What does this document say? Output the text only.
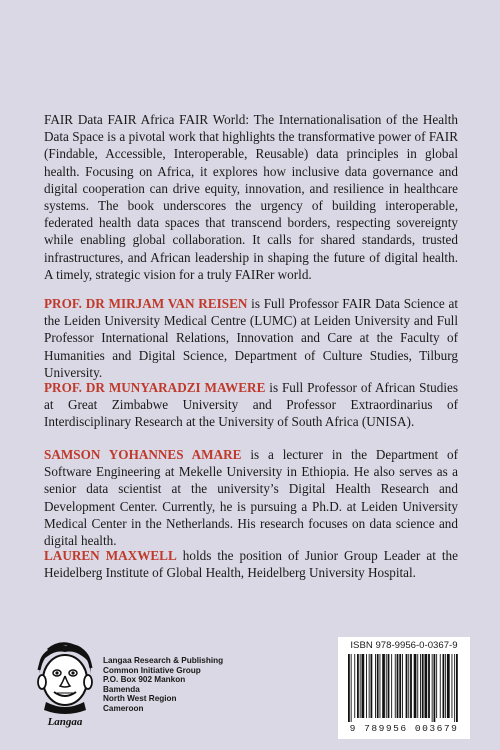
FAIR Data FAIR Africa FAIR World: The Internationalisation of the Health Data Space is a pivotal work that highlights the transformative power of FAIR (Findable, Accessible, Interoperable, Reusable) data principles in global health. Focusing on Africa, it explores how inclusive data governance and digital cooperation can drive equity, innovation, and resilience in healthcare systems. The book underscores the urgency of building interoperable, federated health data spaces that transcend borders, respecting sovereignty while enabling global collaboration. It calls for shared standards, trusted infrastructures, and African leadership in shaping the future of digital health. A timely, strategic vision for a truly FAIRer world.

PROF. DR MIRJAM VAN REISEN is Full Professor FAIR Data Science at the Leiden University Medical Centre (LUMC) at Leiden University and Full Professor International Relations, Innovation and Care at the Faculty of Humanities and Digital Science, Department of Culture Studies, Tilburg University.

PROF. DR MUNYARADZI MAWERE is Full Professor of African Studies at Great Zimbabwe University and Professor Extraordinarius of Interdisciplinary Research at the University of South Africa (UNISA).

SAMSON YOHANNES AMARE is a lecturer in the Department of Software Engineering at Mekelle University in Ethiopia. He also serves as a senior data scientist at the university’s Digital Health Research and Development Center. Currently, he is pursuing a Ph.D. at Leiden University Medical Center in the Netherlands. His research focuses on data science and digital health.

LAUREN MAXWELL holds the position of Junior Group Leader at the Heidelberg Institute of Global Health, Heidelberg University Hospital.

Langaa
Langaa Research & Publishing
Common Initiative Group
P.O. Box 902 Mankon
Bamenda
North West Region
Cameroon
ISBN 978-9956-0-0367-9
9 789956 003679
